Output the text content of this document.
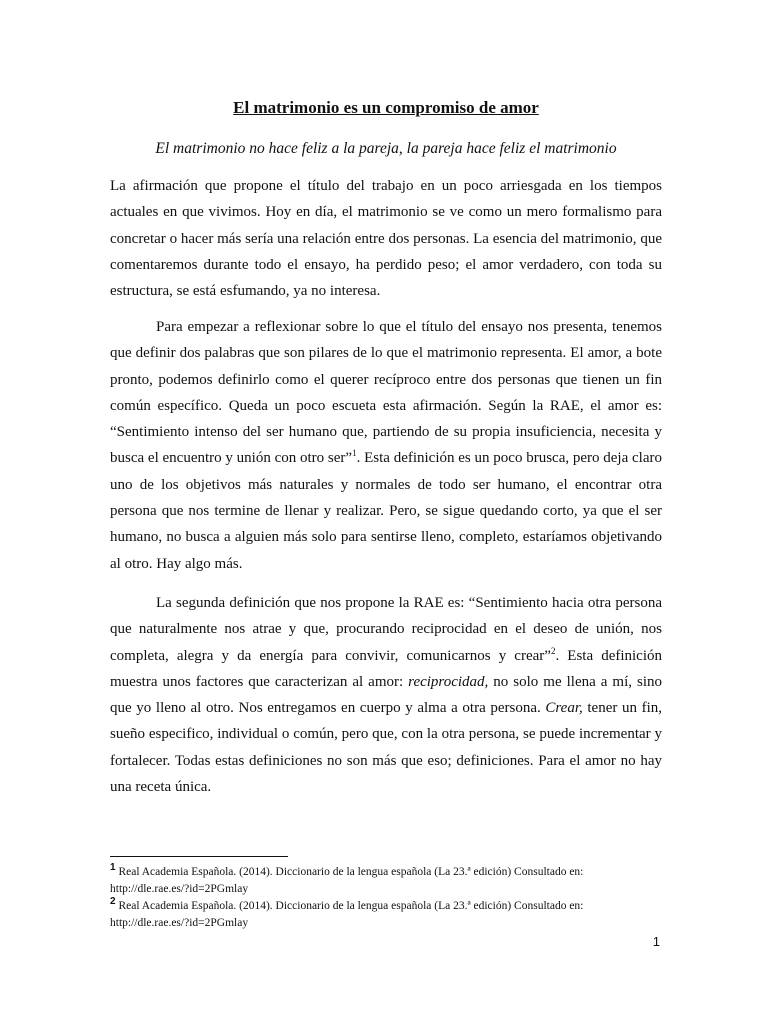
El matrimonio es un compromiso de amor
El matrimonio no hace feliz a la pareja, la pareja hace feliz el matrimonio

La afirmación que propone el título del trabajo en un poco arriesgada en los tiempos actuales en que vivimos. Hoy en día, el matrimonio se ve como un mero formalismo para concretar o hacer más sería una relación entre dos personas. La esencia del matrimonio, que comentaremos durante todo el ensayo, ha perdido peso; el amor verdadero, con toda su estructura, se está esfumando, ya no interesa.

Para empezar a reflexionar sobre lo que el título del ensayo nos presenta, tenemos que definir dos palabras que son pilares de lo que el matrimonio representa. El amor, a bote pronto, podemos definirlo como el querer recíproco entre dos personas que tienen un fin común específico. Queda un poco escueta esta afirmación. Según la RAE, el amor es: “Sentimiento intenso del ser humano que, partiendo de su propia insuficiencia, necesita y busca el encuentro y unión con otro ser”$^1$. Esta definición es un poco brusca, pero deja claro uno de los objetivos más naturales y normales de todo ser humano, el encontrar otra persona que nos termine de llenar y realizar. Pero, se sigue quedando corto, ya que el ser humano, no busca a alguien más solo para sentirse lleno, completo, estaríamos objetivando al otro. Hay algo más.

La segunda definición que nos propone la RAE es: “Sentimiento hacia otra persona que naturalmente nos atrae y que, procurando reciprocidad en el deseo de unión, nos completa, alegra y da energía para convivir, comunicarnos y crear”$^2$. Esta definición muestra unos factores que caracterizan al amor: reciprocidad, no solo me llena a mí, sino que yo lleno al otro. Nos entregamos en cuerpo y alma a otra persona. Crear, tener un fin, sueño especifico, individual o común, pero que, con la otra persona, se puede incrementar y fortalecer. Todas estas definiciones no son más que eso; definiciones. Para el amor no hay una receta única.

1 Real Academia Española. (2014). Diccionario de la lengua española (La 23.ª edición) Consultado en: http://dle.rae.es/?id=2PGmlay
2 Real Academia Española. (2014). Diccionario de la lengua española (La 23.ª edición) Consultado en: http://dle.rae.es/?id=2PGmlay
1
